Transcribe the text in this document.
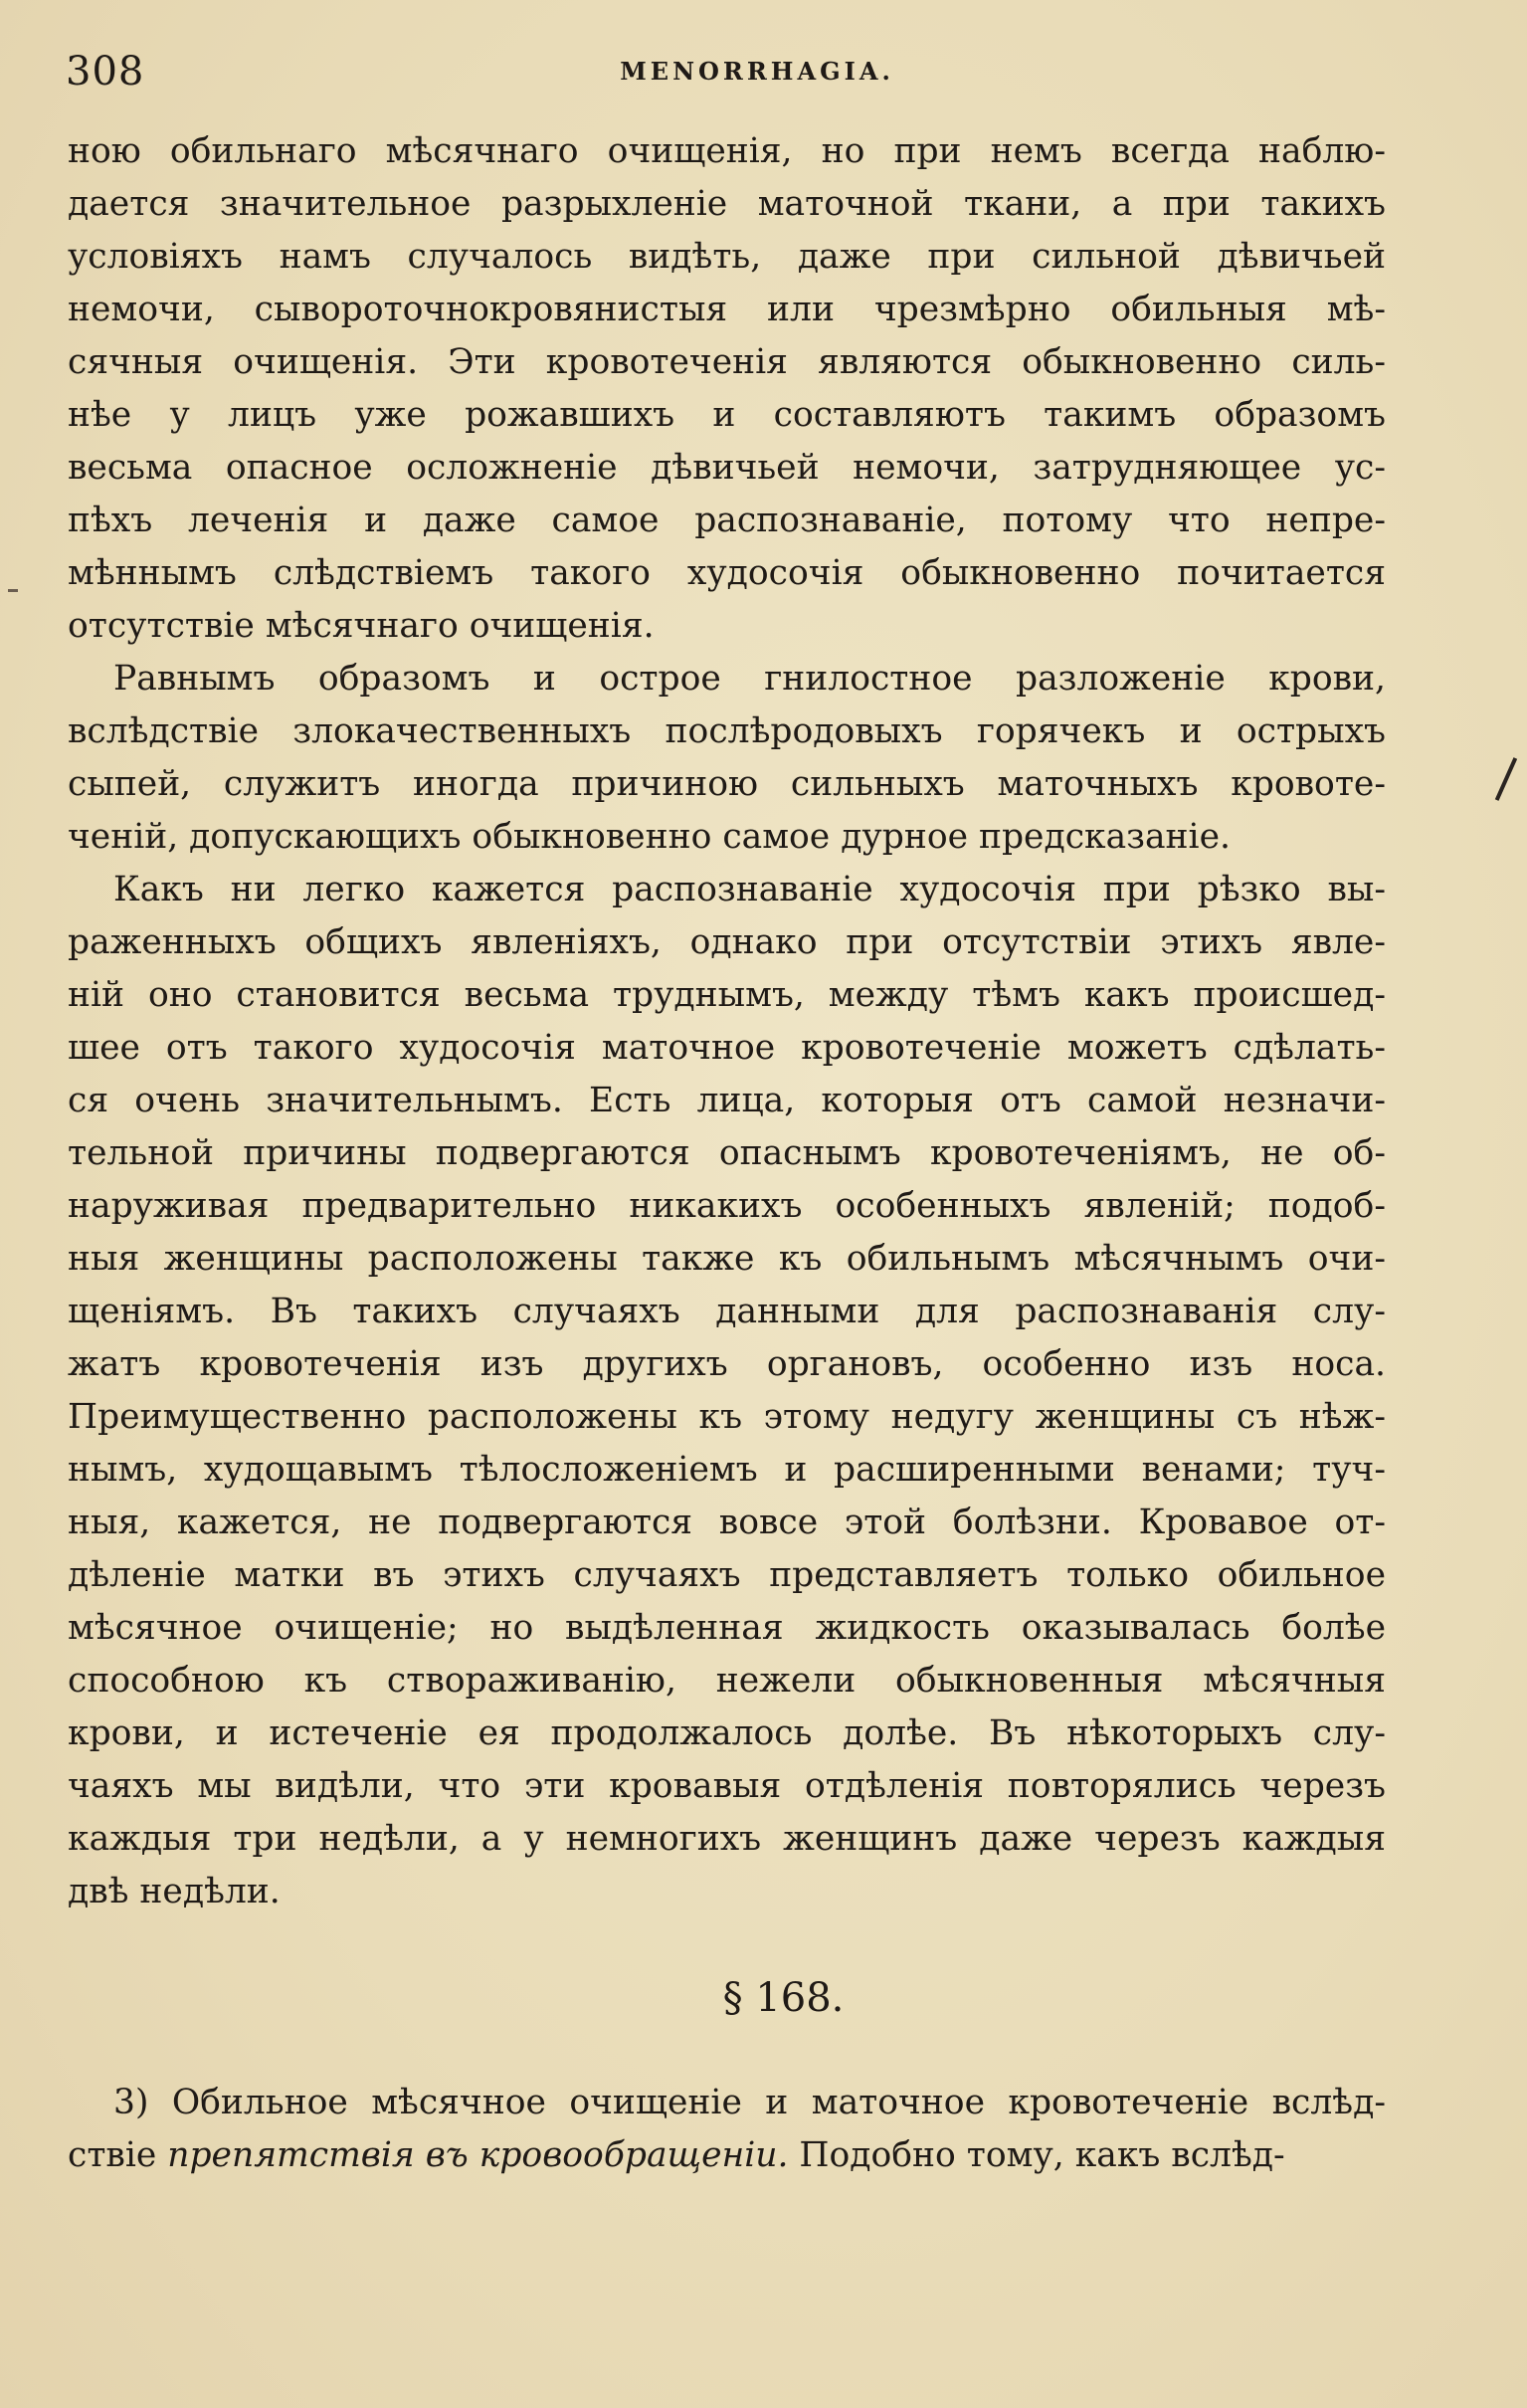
308	MENORRHAGIA.
ною обильнаго мѣсячнаго очищенія, но при немъ всегда наблю-
дается значительное разрыхленіе маточной ткани, а при такихъ
условіяхъ намъ случалось видѣть, даже при сильной дѣвичьей
немочи, сывороточнокровянистыя или чрезмѣрно обильныя мѣ-
сячныя очищенія. Эти кровотеченія являются обыкновенно силь-
нѣе у лицъ уже рожавшихъ и составляютъ такимъ образомъ
весьма опасное осложненіе дѣвичьей немочи, затрудняющее ус-
пѣхъ леченія и даже самое распознаваніе, потому что непре-
мѣннымъ слѣдствіемъ такого худосочія обыкновенно почитается
отсутствіе мѣсячнаго очищенія.
Равнымъ образомъ и острое гнилостное разложеніе крови,
вслѣдствіе злокачественныхъ послѣродовыхъ горячекъ и острыхъ
сыпей, служитъ иногда причиною сильныхъ маточныхъ кровоте-
ченій, допускающихъ обыкновенно самое дурное предсказаніе.
Какъ ни легко кажется распознаваніе худосочія при рѣзко вы-
раженныхъ общихъ явленіяхъ, однако при отсутствіи этихъ явле-
ній оно становится весьма труднымъ, между тѣмъ какъ происшед-
шее отъ такого худосочія маточное кровотеченіе можетъ сдѣлать-
ся очень значительнымъ. Есть лица, которыя отъ самой незначи-
тельной причины подвергаются опаснымъ кровотеченіямъ, не об-
наруживая предварительно никакихъ особенныхъ явленій; подоб-
ныя женщины расположены также къ обильнымъ мѣсячнымъ очи-
щеніямъ. Въ такихъ случаяхъ данными для распознаванія слу-
жатъ кровотеченія изъ другихъ органовъ, особенно изъ носа.
Преимущественно расположены къ этому недугу женщины съ нѣж-
нымъ, худощавымъ тѣлосложеніемъ и расширенными венами; туч-
ныя, кажется, не подвергаются вовсе этой болѣзни. Кровавое от-
дѣленіе матки въ этихъ случаяхъ представляетъ только обильное
мѣсячное очищеніе; но выдѣленная жидкость оказывалась болѣе
способною къ створаживанію, нежели обыкновенныя мѣсячныя
крови, и истеченіе ея продолжалось долѣе. Въ нѣкоторыхъ слу-
чаяхъ мы видѣли, что эти кровавыя отдѣленія повторялись черезъ
каждыя три недѣли, а у немногихъ женщинъ даже черезъ каждыя
двѣ недѣли.
§ 168.
3) Обильное мѣсячное очищеніе и маточное кровотеченіе вслѣд-
ствіе препятствія въ кровообращеніи. Подобно тому, какъ вслѣд-
